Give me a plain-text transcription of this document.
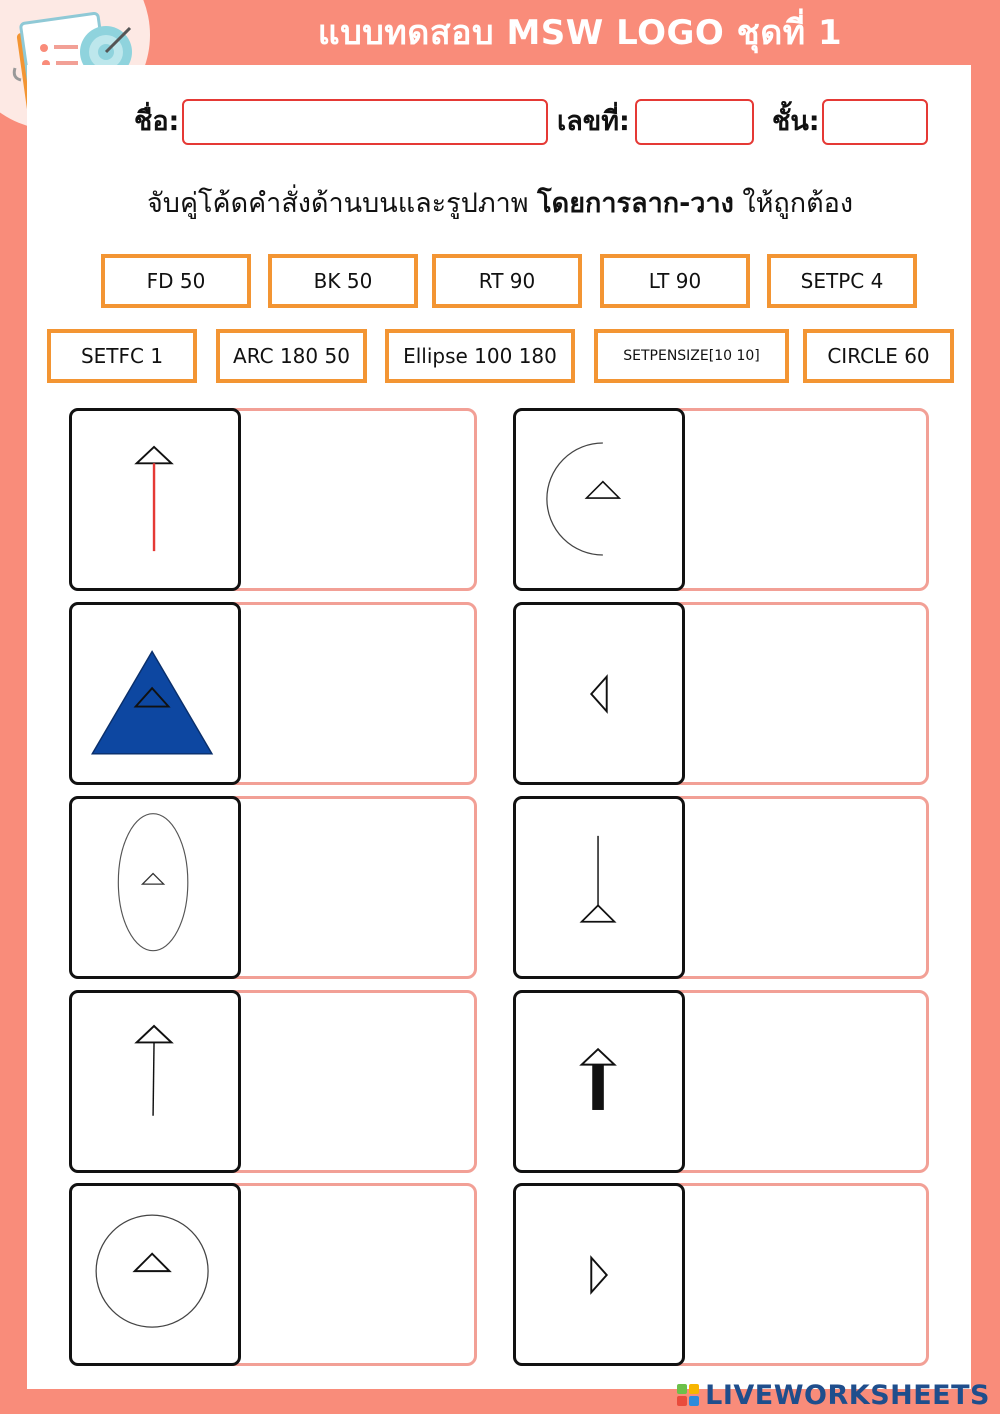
แบบทดสอบ MSW LOGO ชุดที่ 1
ชื่อ:	เลขที่:	ชั้น:
จับคู่โค้ดคำสั่งด้านบนและรูปภาพ โดยการลาก-วาง ให้ถูกต้อง
FD 50	BK 50	RT 90	LT 90	SETPC 4
SETFC 1	ARC 180 50	Ellipse 100 180	SETPENSIZE[10 10]	CIRCLE 60
LIVEWORKSHEETS
